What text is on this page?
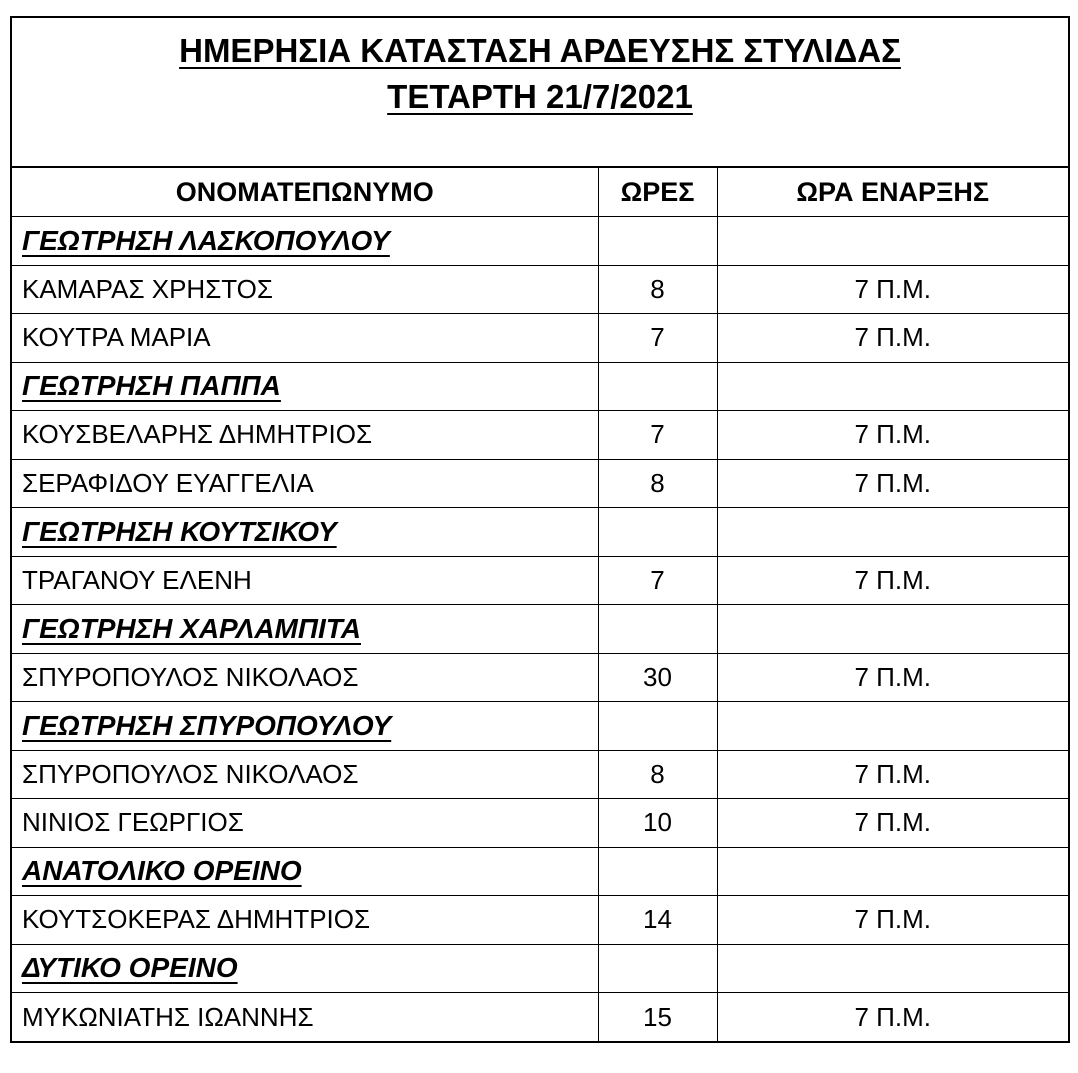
ΗΜΕΡΗΣΙΑ ΚΑΤΑΣΤΑΣΗ ΑΡΔΕΥΣΗΣ ΣΤΥΛΙΔΑΣ
ΤΕΤΑΡΤΗ 21/7/2021
ΟΝΟΜΑΤΕΠΩΝΥΜΟ	ΩΡΕΣ	ΩΡΑ ΕΝΑΡΞΗΣ
ΓΕΩΤΡΗΣΗ ΛΑΣΚΟΠΟΥΛΟΥ		
ΚΑΜΑΡΑΣ ΧΡΗΣΤΟΣ	8	7 Π.Μ.
ΚΟΥΤΡΑ ΜΑΡΙΑ	7	7 Π.Μ.
ΓΕΩΤΡΗΣΗ ΠΑΠΠΑ		
ΚΟΥΣΒΕΛΑΡΗΣ ΔΗΜΗΤΡΙΟΣ	7	7 Π.Μ.
ΣΕΡΑΦΙΔΟΥ ΕΥΑΓΓΕΛΙΑ	8	7 Π.Μ.
ΓΕΩΤΡΗΣΗ ΚΟΥΤΣΙΚΟΥ		
ΤΡΑΓΑΝΟΥ ΕΛΕΝΗ	7	7 Π.Μ.
ΓΕΩΤΡΗΣΗ ΧΑΡΛΑΜΠΙΤΑ		
ΣΠΥΡΟΠΟΥΛΟΣ ΝΙΚΟΛΑΟΣ	30	7 Π.Μ.
ΓΕΩΤΡΗΣΗ ΣΠΥΡΟΠΟΥΛΟΥ		
ΣΠΥΡΟΠΟΥΛΟΣ ΝΙΚΟΛΑΟΣ	8	7 Π.Μ.
ΝΙΝΙΟΣ ΓΕΩΡΓΙΟΣ	10	7 Π.Μ.
ΑΝΑΤΟΛΙΚΟ ΟΡΕΙΝΟ		
ΚΟΥΤΣΟΚΕΡΑΣ ΔΗΜΗΤΡΙΟΣ	14	7 Π.Μ.
ΔΥΤΙΚΟ ΟΡΕΙΝΟ		
ΜΥΚΩΝΙΑΤΗΣ ΙΩΑΝΝΗΣ	15	7 Π.Μ.
